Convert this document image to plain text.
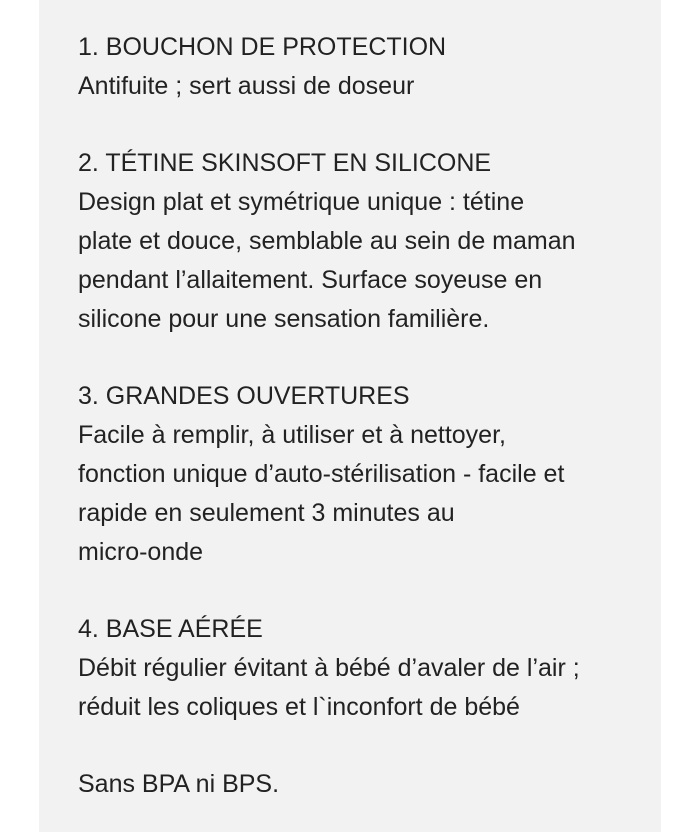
1. BOUCHON DE PROTECTION
Antifuite ; sert aussi de doseur
2. TÉTINE SKINSOFT EN SILICONE
Design plat et symétrique unique : tétine
plate et douce, semblable au sein de maman
pendant l’allaitement. Surface soyeuse en
silicone pour une sensation familière.
3. GRANDES OUVERTURES
Facile à remplir, à utiliser et à nettoyer,
fonction unique d’auto-stérilisation - facile et
rapide en seulement 3 minutes au
micro-onde
4. BASE AÉRÉE
Débit régulier évitant à bébé d’avaler de l’air ;
réduit les coliques et l`inconfort de bébé
Sans BPA ni BPS.
